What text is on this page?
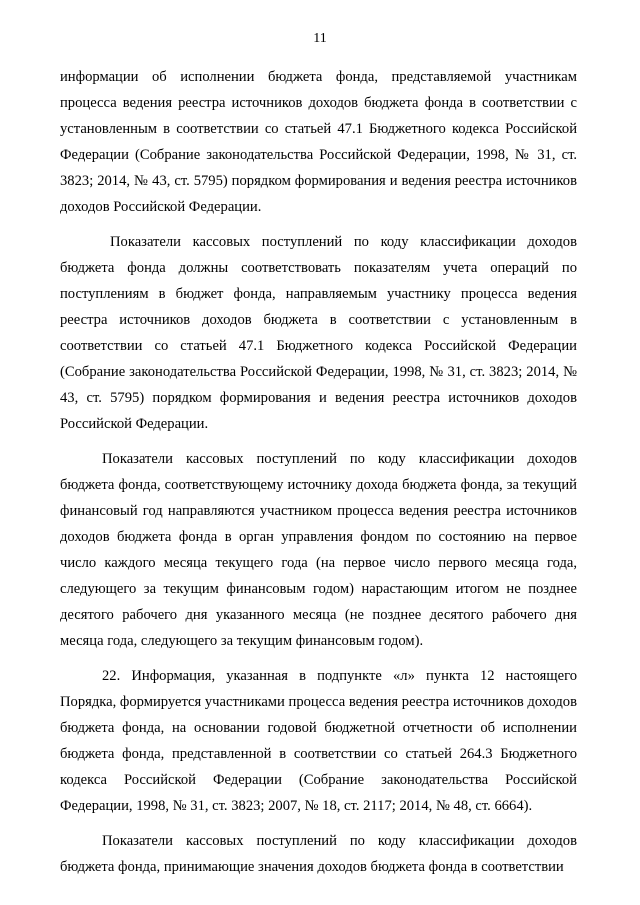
11

информации об исполнении бюджета фонда, представляемой участникам процесса ведения реестра источников доходов бюджета фонда в соответствии с установленным в соответствии со статьей 47.1 Бюджетного кодекса Российской Федерации (Собрание законодательства Российской Федерации, 1998, № 31, ст. 3823; 2014, № 43, ст. 5795) порядком формирования и ведения реестра источников доходов Российской Федерации.

Показатели кассовых поступлений по коду классификации доходов бюджета фонда должны соответствовать показателям учета операций по поступлениям в бюджет фонда, направляемым участнику процесса ведения реестра источников доходов бюджета в соответствии с установленным в соответствии со статьей 47.1 Бюджетного кодекса Российской Федерации (Собрание законодательства Российской Федерации, 1998, № 31, ст. 3823; 2014, № 43, ст. 5795) порядком формирования и ведения реестра источников доходов Российской Федерации.

Показатели кассовых поступлений по коду классификации доходов бюджета фонда, соответствующему источнику дохода бюджета фонда, за текущий финансовый год направляются участником процесса ведения реестра источников доходов бюджета фонда в орган управления фондом по состоянию на первое число каждого месяца текущего года (на первое число первого месяца года, следующего за текущим финансовым годом) нарастающим итогом не позднее десятого рабочего дня указанного месяца (не позднее десятого рабочего дня месяца года, следующего за текущим финансовым годом).

22. Информация, указанная в подпункте «л» пункта 12 настоящего Порядка, формируется участниками процесса ведения реестра источников доходов бюджета фонда, на основании годовой бюджетной отчетности об исполнении бюджета фонда, представленной в соответствии со статьей 264.3 Бюджетного кодекса Российской Федерации (Собрание законодательства Российской Федерации, 1998, № 31, ст. 3823; 2007, № 18, ст. 2117; 2014, № 48, ст. 6664).

Показатели кассовых поступлений по коду классификации доходов бюджета фонда, принимающие значения доходов бюджета фонда в соответствии
